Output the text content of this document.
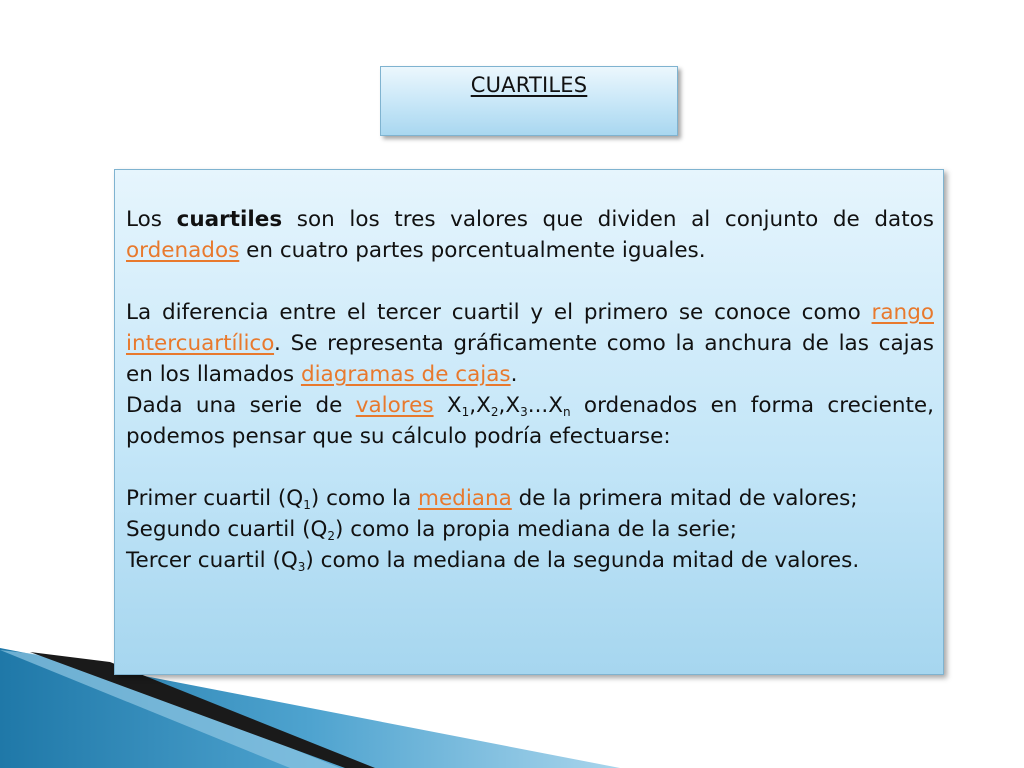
CUARTILES

Los cuartiles son los tres valores que dividen al conjunto de datos ordenados en cuatro partes porcentualmente iguales.

La diferencia entre el tercer cuartil y el primero se conoce como rango intercuartílico. Se representa gráficamente como la anchura de las cajas en los llamados diagramas de cajas.

Dada una serie de valores $X_1,X_2,X_3...X_n$ ordenados en forma creciente, podemos pensar que su cálculo podría efectuarse:

Primer cuartil $(Q_1)$ como la mediana de la primera mitad de valores;

Segundo cuartil $(Q_2)$ como la propia mediana de la serie;

Tercer cuartil $(Q_3)$ como la mediana de la segunda mitad de valores.
